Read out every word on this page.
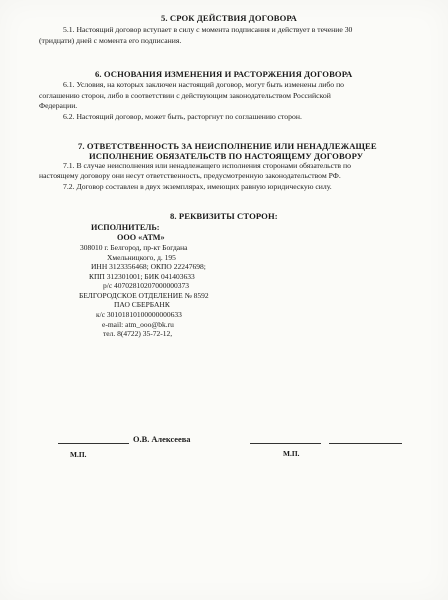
5. СРОК ДЕЙСТВИЯ ДОГОВОРА
5.1. Настоящий договор вступает в силу с момента подписания и действует в течение 30
(тридцати) дней с момента его подписания.
6. ОСНОВАНИЯ ИЗМЕНЕНИЯ И РАСТОРЖЕНИЯ ДОГОВОРА
6.1. Условия, на которых заключен настоящий договор, могут быть изменены либо по
соглашению сторон, либо в соответствии с действующим законодательством Российской
Федерации.
6.2. Настоящий договор, может быть, расторгнут по соглашению сторон.
7. ОТВЕТСТВЕННОСТЬ ЗА НЕИСПОЛНЕНИЕ ИЛИ НЕНАДЛЕЖАЩЕЕ
ИСПОЛНЕНИЕ ОБЯЗАТЕЛЬСТВ ПО НАСТОЯЩЕМУ ДОГОВОРУ
7.1. В случае неисполнения или ненадлежащего исполнения сторонами обязательств по
настоящему договору они несут ответственность, предусмотренную законодательством РФ.
7.2. Договор составлен в двух экземплярах, имеющих равную юридическую силу.
8. РЕКВИЗИТЫ СТОРОН:
ИСПОЛНИТЕЛЬ:
ООО «АТМ»
308010 г. Белгород, пр-кт Богдана
Хмельницкого, д. 195
ИНН 3123356468; ОКПО 22247698;
КПП 312301001; БИК 041403633
р/с 40702810207000000373
БЕЛГОРОДСКОЕ ОТДЕЛЕНИЕ № 8592
ПАО СБЕРБАНК
к/с 30101810100000000633
e-mail: atm_ooo@bk.ru
тел. 8(4722) 35-72-12,
О.В. Алексеева
М.П.	М.П.
